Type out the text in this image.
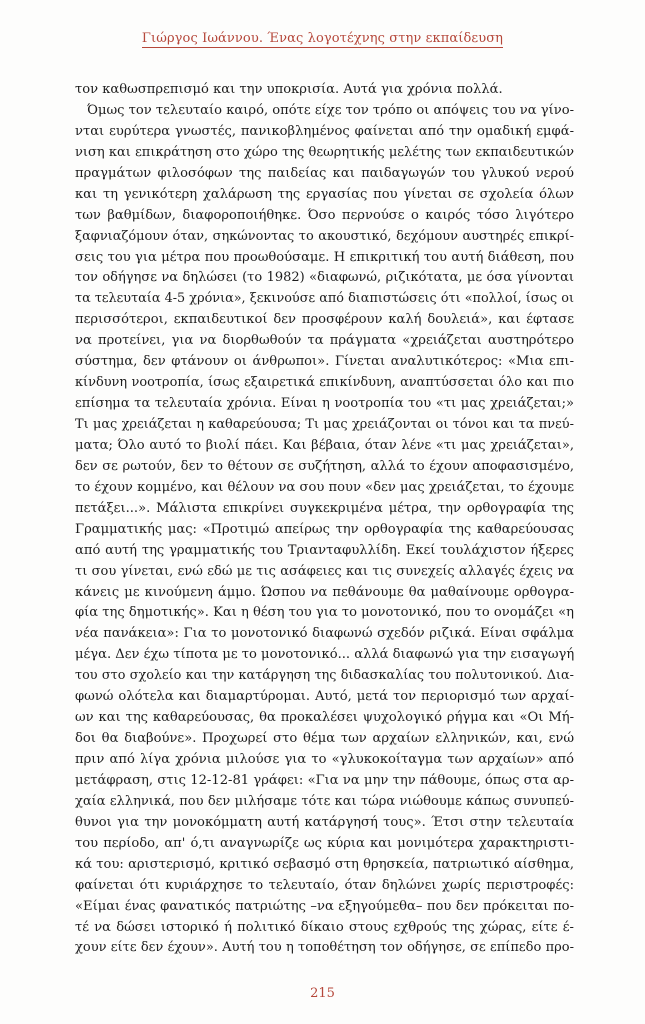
Γιώργος Ιωάννου. Ένας λογοτέχνης στην εκπαίδευση
τον καθωσπρεπισμό και την υποκρισία. Αυτά για χρόνια πολλά.
Όμως τον τελευταίο καιρό, οπότε είχε τον τρόπο οι απόψεις του να γίνο-
νται ευρύτερα γνωστές, πανικοβλημένος φαίνεται από την ομαδική εμφά-
νιση και επικράτηση στο χώρο της θεωρητικής μελέτης των εκπαιδευτικών
πραγμάτων φιλοσόφων της παιδείας και παιδαγωγών του γλυκού νερού
και τη γενικότερη χαλάρωση της εργασίας που γίνεται σε σχολεία όλων
των βαθμίδων, διαφοροποιήθηκε. Όσο περνούσε ο καιρός τόσο λιγότερο
ξαφνιαζόμουν όταν, σηκώνοντας το ακουστικό, δεχόμουν αυστηρές επικρί-
σεις του για μέτρα που προωθούσαμε. Η επικριτική του αυτή διάθεση, που
τον οδήγησε να δηλώσει (το 1982) «διαφωνώ, ριζικότατα, με όσα γίνονται
τα τελευταία 4-5 χρόνια», ξεκινούσε από διαπιστώσεις ότι «πολλοί, ίσως οι
περισσότεροι, εκπαιδευτικοί δεν προσφέρουν καλή δουλειά», και έφτασε
να προτείνει, για να διορθωθούν τα πράγματα «χρειάζεται αυστηρότερο
σύστημα, δεν φτάνουν οι άνθρωποι». Γίνεται αναλυτικότερος: «Μια επι-
κίνδυνη νοοτροπία, ίσως εξαιρετικά επικίνδυνη, αναπτύσσεται όλο και πιο
επίσημα τα τελευταία χρόνια. Είναι η νοοτροπία του «τι μας χρειάζεται;»
Τι μας χρειάζεται η καθαρεύουσα; Τι μας χρειάζονται οι τόνοι και τα πνεύ-
ματα; Όλο αυτό το βιολί πάει. Και βέβαια, όταν λένε «τι μας χρειάζεται»,
δεν σε ρωτούν, δεν το θέτουν σε συζήτηση, αλλά το έχουν αποφασισμένο,
το έχουν κομμένο, και θέλουν να σου πουν «δεν μας χρειάζεται, το έχουμε
πετάξει...». Μάλιστα επικρίνει συγκεκριμένα μέτρα, την ορθογραφία της
Γραμματικής μας: «Προτιμώ απείρως την ορθογραφία της καθαρεύουσας
από αυτή της γραμματικής του Τριανταφυλλίδη. Εκεί τουλάχιστον ήξερες
τι σου γίνεται, ενώ εδώ με τις ασάφειες και τις συνεχείς αλλαγές έχεις να
κάνεις με κινούμενη άμμο. Ώσπου να πεθάνουμε θα μαθαίνουμε ορθογρα-
φία της δημοτικής». Και η θέση του για το μονοτονικό, που το ονομάζει «η
νέα πανάκεια»: Για το μονοτονικό διαφωνώ σχεδόν ριζικά. Είναι σφάλμα
μέγα. Δεν έχω τίποτα με το μονοτονικό... αλλά διαφωνώ για την εισαγωγή
του στο σχολείο και την κατάργηση της διδασκαλίας του πολυτονικού. Δια-
φωνώ ολότελα και διαμαρτύρομαι. Αυτό, μετά τον περιορισμό των αρχαί-
ων και της καθαρεύουσας, θα προκαλέσει ψυχολογικό ρήγμα και «Οι Μή-
δοι θα διαβούνε». Προχωρεί στο θέμα των αρχαίων ελληνικών, και, ενώ
πριν από λίγα χρόνια μιλούσε για το «γλυκοκοίταγμα των αρχαίων» από
μετάφραση, στις 12-12-81 γράφει: «Για να μην την πάθουμε, όπως στα αρ-
χαία ελληνικά, που δεν μιλήσαμε τότε και τώρα νιώθουμε κάπως συνυπεύ-
θυνοι για την μονοκόμματη αυτή κατάργησή τους». Έτσι στην τελευταία
του περίοδο, απ' ό,τι αναγνωρίζε ως κύρια και μονιμότερα χαρακτηριστι-
κά του: αριστερισμό, κριτικό σεβασμό στη θρησκεία, πατριωτικό αίσθημα,
φαίνεται ότι κυριάρχησε το τελευταίο, όταν δηλώνει χωρίς περιστροφές:
«Είμαι ένας φανατικός πατριώτης –να εξηγούμεθα– που δεν πρόκειται πο-
τέ να δώσει ιστορικό ή πολιτικό δίκαιο στους εχθρούς της χώρας, είτε έ-
χουν είτε δεν έχουν». Αυτή του η τοποθέτηση τον οδήγησε, σε επίπεδο προ-
215
